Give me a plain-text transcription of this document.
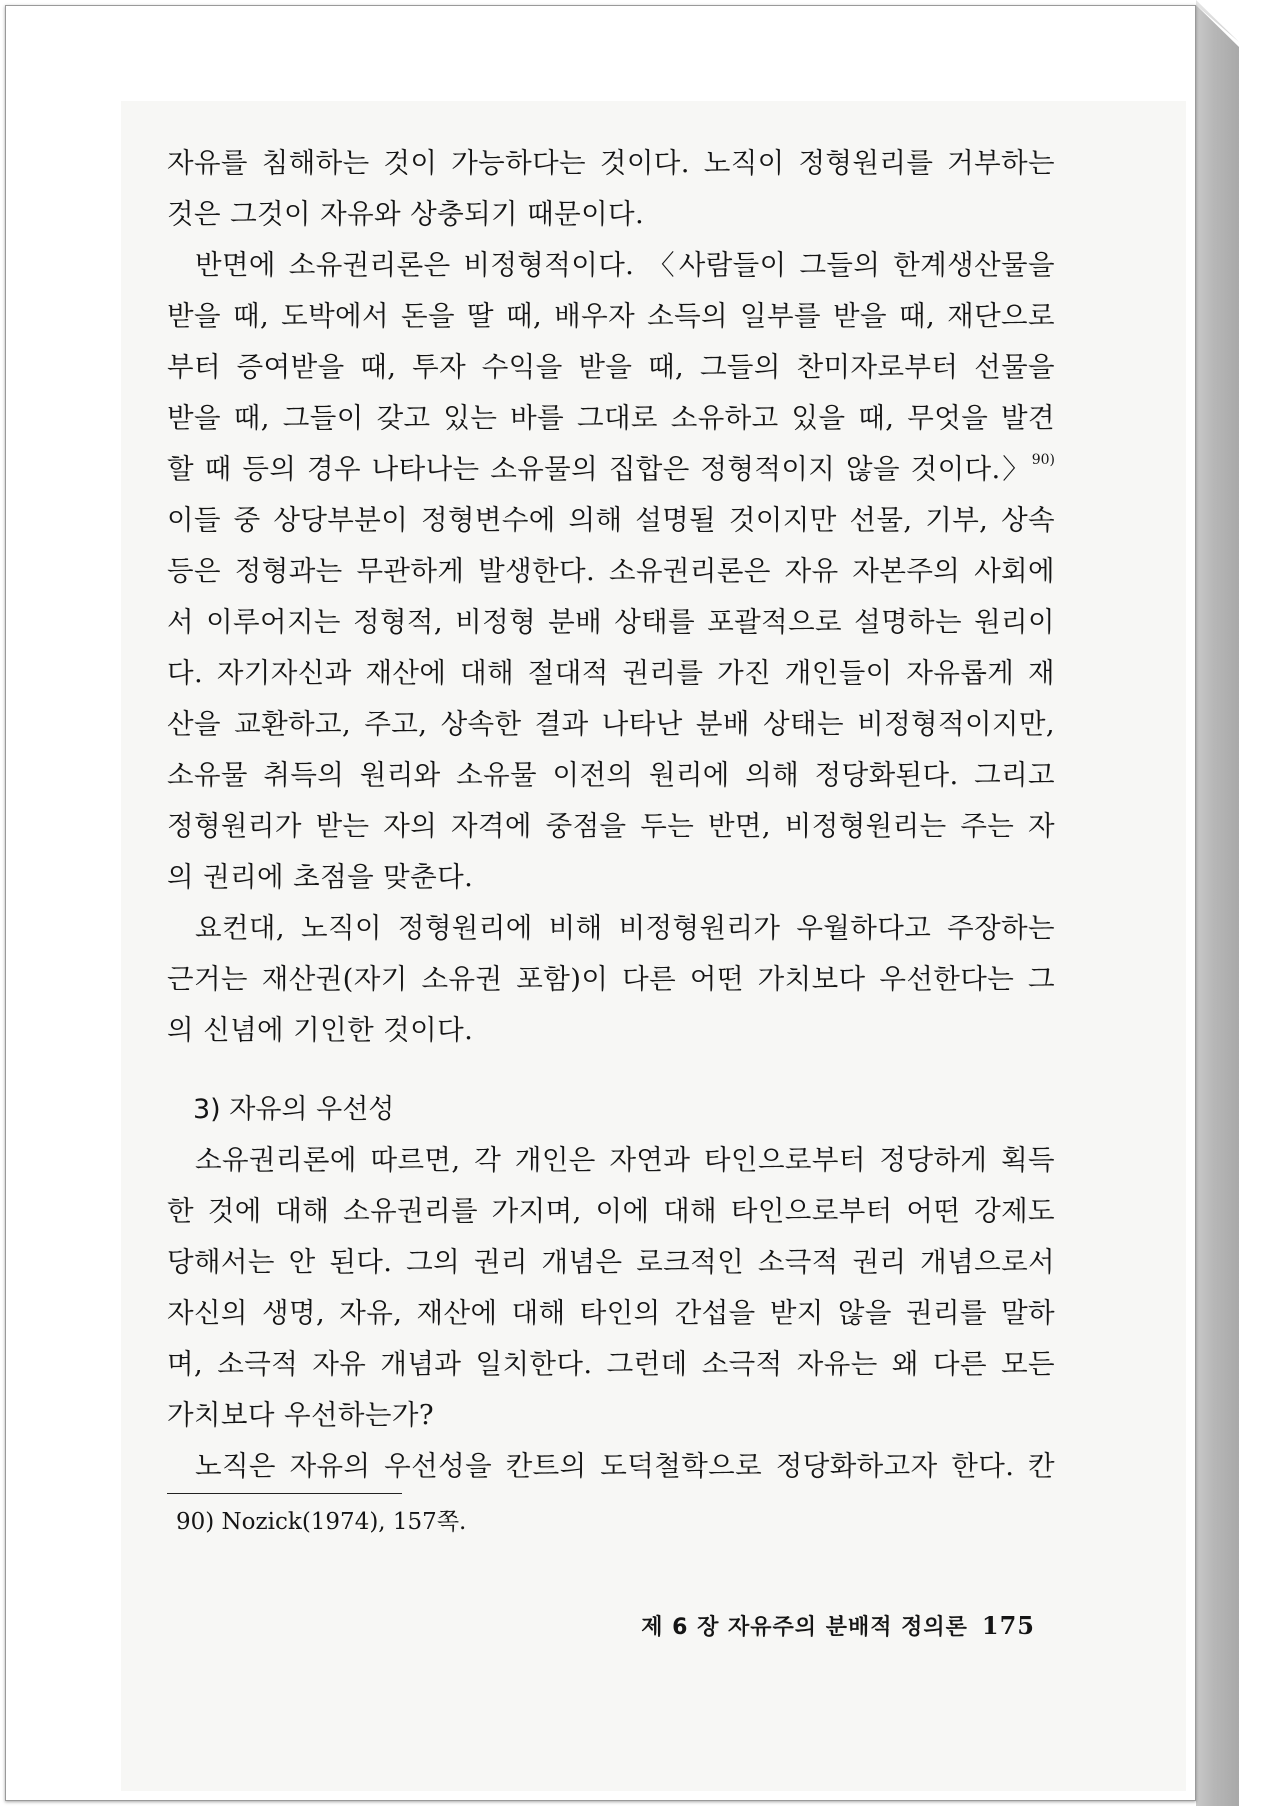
자유를 침해하는 것이 가능하다는 것이다. 노직이 정형원리를 거부하는
것은 그것이 자유와 상충되기 때문이다.
반면에 소유권리론은 비정형적이다. 〈사람들이 그들의 한계생산물을
받을 때, 도박에서 돈을 딸 때, 배우자 소득의 일부를 받을 때, 재단으로
부터 증여받을 때, 투자 수익을 받을 때, 그들의 찬미자로부터 선물을
받을 때, 그들이 갖고 있는 바를 그대로 소유하고 있을 때, 무엇을 발견
할 때 등의 경우 나타나는 소유물의 집합은 정형적이지 않을 것이다.〉$^{90)}$
이들 중 상당부분이 정형변수에 의해 설명될 것이지만 선물, 기부, 상속
등은 정형과는 무관하게 발생한다. 소유권리론은 자유 자본주의 사회에
서 이루어지는 정형적, 비정형 분배 상태를 포괄적으로 설명하는 원리이
다. 자기자신과 재산에 대해 절대적 권리를 가진 개인들이 자유롭게 재
산을 교환하고, 주고, 상속한 결과 나타난 분배 상태는 비정형적이지만,
소유물 취득의 원리와 소유물 이전의 원리에 의해 정당화된다. 그리고
정형원리가 받는 자의 자격에 중점을 두는 반면, 비정형원리는 주는 자
의 권리에 초점을 맞춘다.
요컨대, 노직이 정형원리에 비해 비정형원리가 우월하다고 주장하는
근거는 재산권(자기 소유권 포함)이 다른 어떤 가치보다 우선한다는 그
의 신념에 기인한 것이다.
3) 자유의 우선성
소유권리론에 따르면, 각 개인은 자연과 타인으로부터 정당하게 획득
한 것에 대해 소유권리를 가지며, 이에 대해 타인으로부터 어떤 강제도
당해서는 안 된다. 그의 권리 개념은 로크적인 소극적 권리 개념으로서
자신의 생명, 자유, 재산에 대해 타인의 간섭을 받지 않을 권리를 말하
며, 소극적 자유 개념과 일치한다. 그런데 소극적 자유는 왜 다른 모든
가치보다 우선하는가?
노직은 자유의 우선성을 칸트의 도덕철학으로 정당화하고자 한다. 칸
90) Nozick(1974), 157쪽.
제 6 장 자유주의 분배적 정의론 175
